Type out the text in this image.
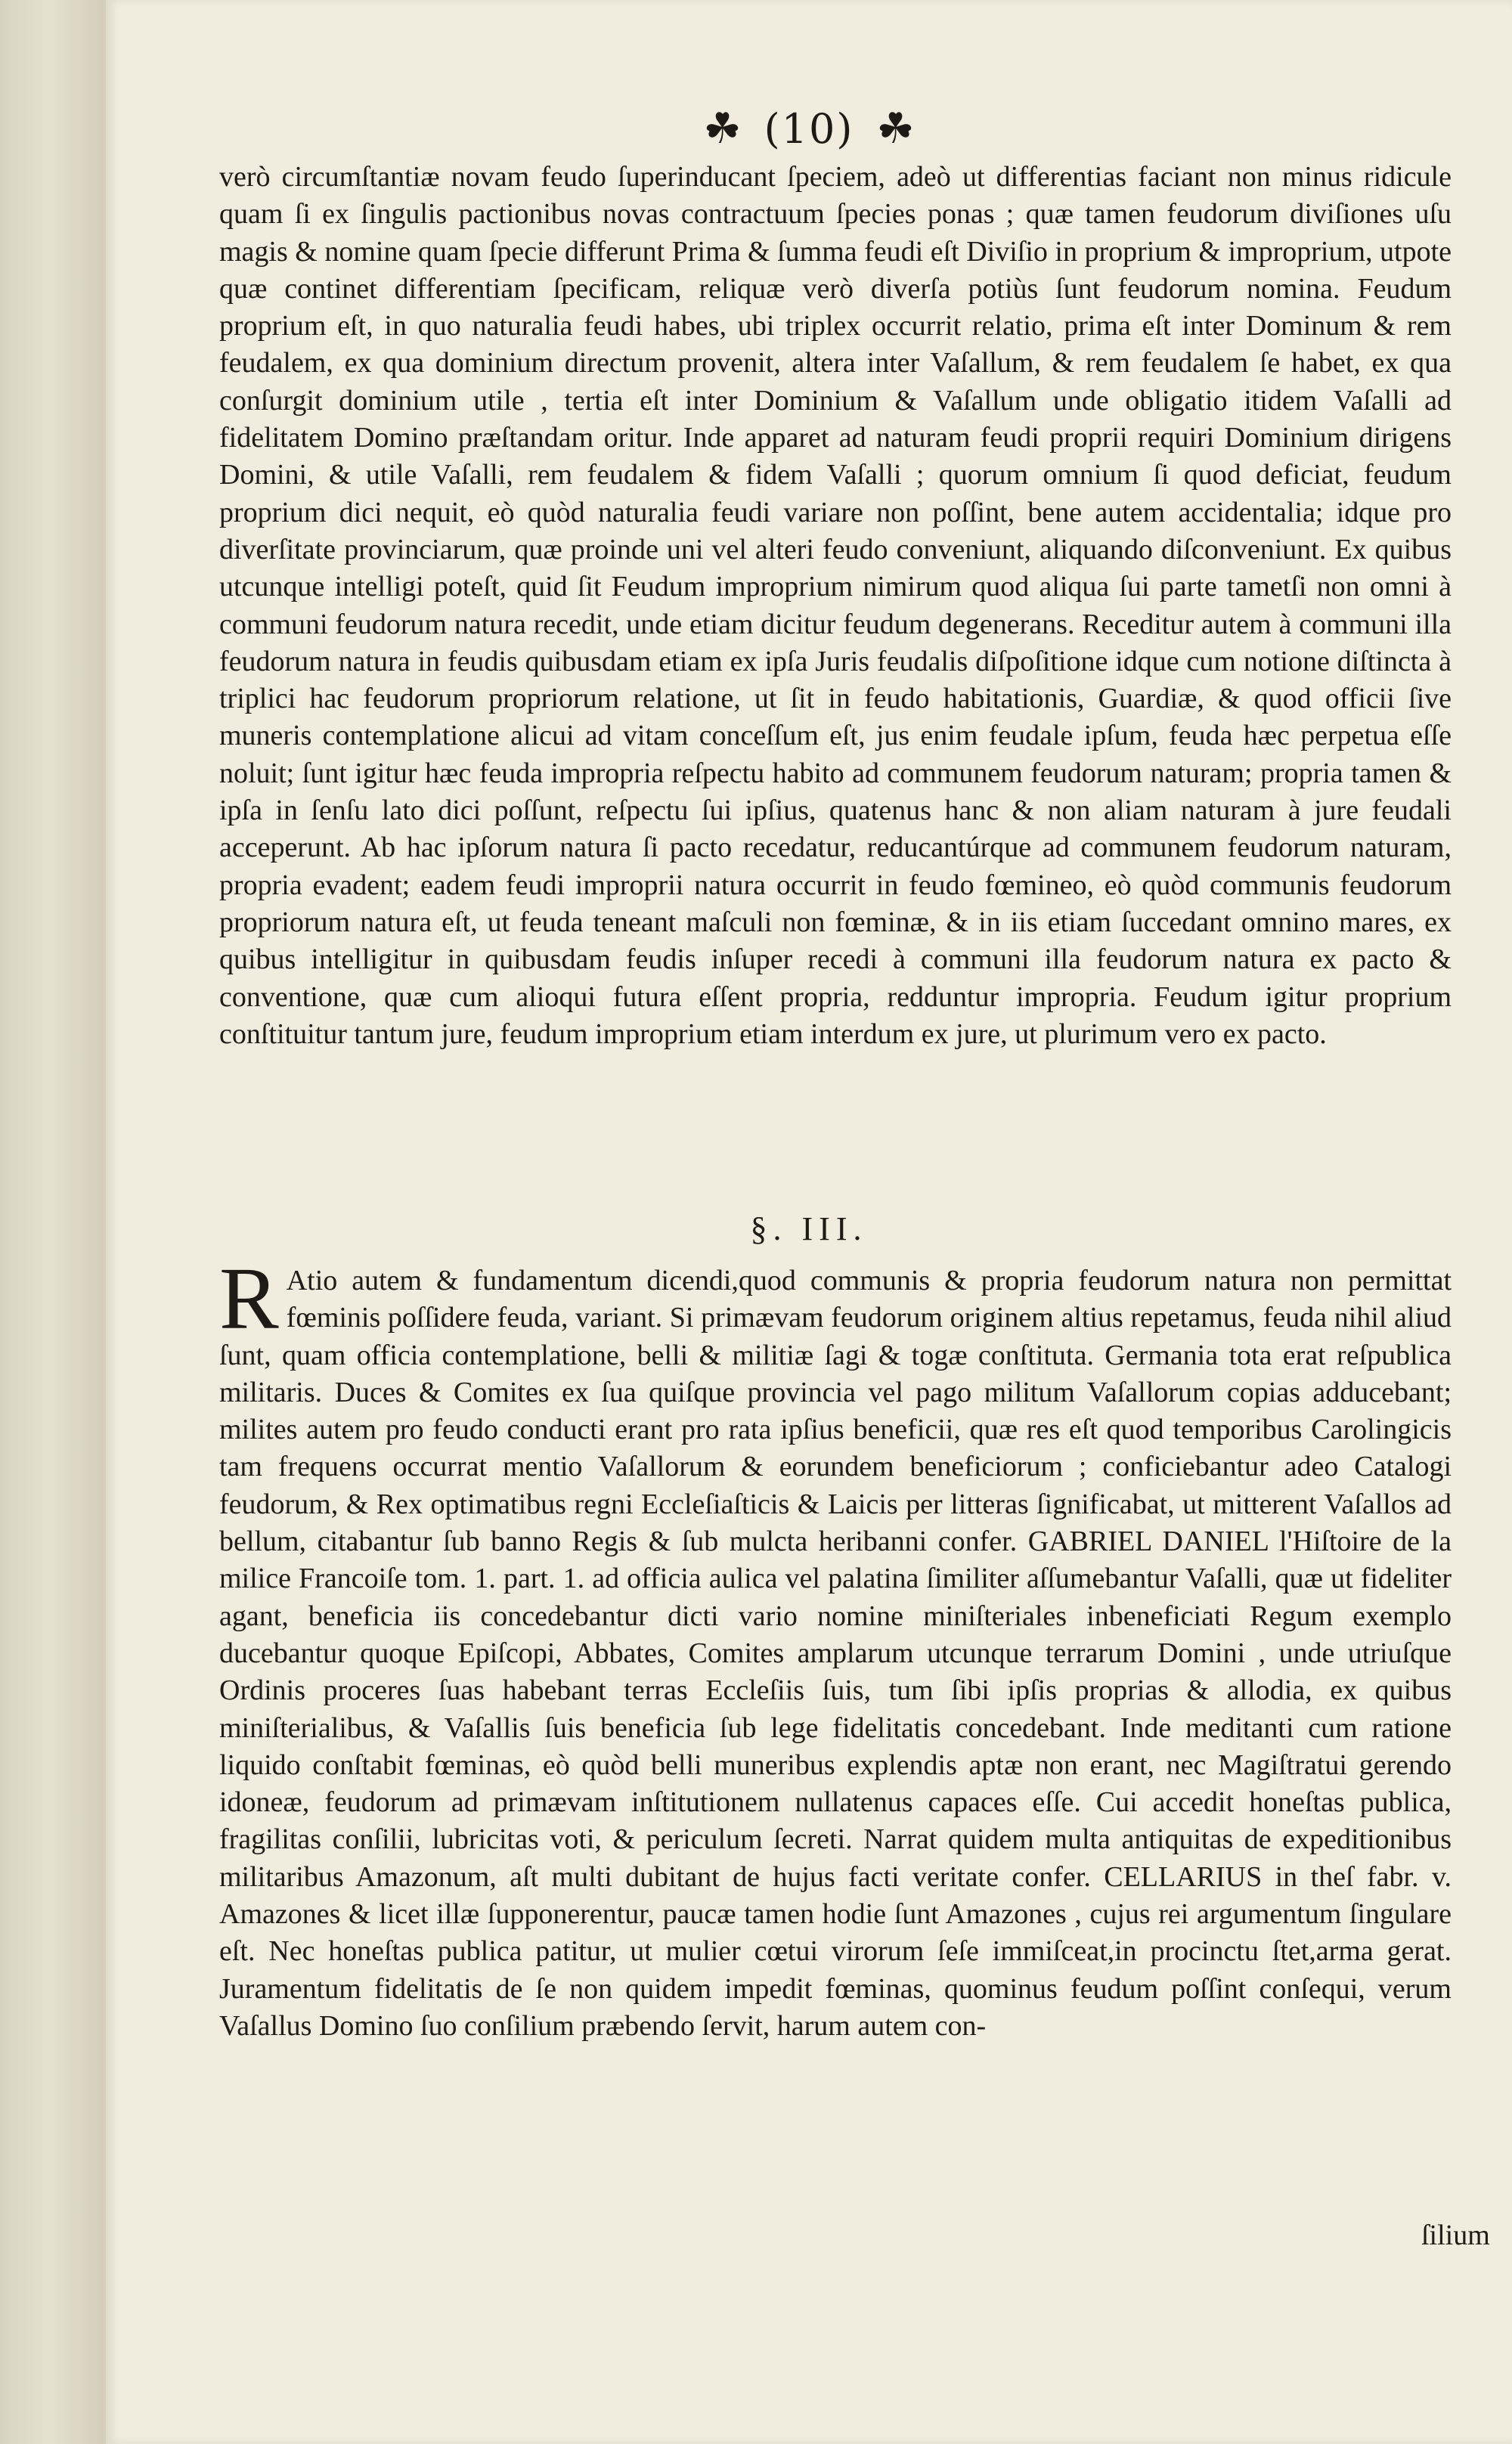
☘ (10) ☘
verò circumſtantiæ novam feudo ſuperinducant ſpeciem, adeò ut differentias faciant non minus ridicule quam ſi ex ſingulis pactionibus novas contractuum ſpecies ponas ; quæ tamen feudorum diviſiones uſu magis & nomine quam ſpecie differunt Prima & ſumma feudi eſt Diviſio in proprium & improprium, utpote quæ continet differentiam ſpecificam, reliquæ verò diverſa potiùs ſunt feudorum nomina. Feudum proprium eſt, in quo naturalia feudi habes, ubi triplex occurrit relatio, prima eſt inter Dominum & rem feudalem, ex qua dominium directum provenit, altera inter Vaſallum, & rem feudalem ſe habet, ex qua conſurgit dominium utile , tertia eſt inter Dominium & Vaſallum unde obligatio itidem Vaſalli ad fidelitatem Domino præſtandam oritur. Inde apparet ad naturam feudi proprii requiri Dominium dirigens Domini, & utile Vaſalli, rem feudalem & fidem Vaſalli ; quorum omnium ſi quod deficiat, feudum proprium dici nequit, eò quòd naturalia feudi variare non poſſint, bene autem accidentalia; idque pro diverſitate provinciarum, quæ proinde uni vel alteri feudo conveniunt, aliquando diſconveniunt. Ex quibus utcunque intelligi poteſt, quid ſit Feudum improprium nimirum quod aliqua ſui parte tametſi non omni à communi feudorum natura recedit, unde etiam dicitur feudum degenerans. Receditur autem à communi illa feudorum natura in feudis quibusdam etiam ex ipſa Juris feudalis diſpoſitione idque cum notione diſtincta à triplici hac feudorum propriorum relatione, ut ſit in feudo habitationis, Guardiæ, & quod officii ſive muneris contemplatione alicui ad vitam conceſſum eſt, jus enim feudale ipſum, feuda hæc perpetua eſſe noluit; ſunt igitur hæc feuda impropria reſpectu habito ad communem feudorum naturam; propria tamen & ipſa in ſenſu lato dici poſſunt, reſpectu ſui ipſius, quatenus hanc & non aliam naturam à jure feudali acceperunt. Ab hac ipſorum natura ſi pacto recedatur, reducantúrque ad communem feudorum naturam, propria evadent; eadem feudi improprii natura occurrit in feudo fœmineo, eò quòd communis feudorum propriorum natura eſt, ut feuda teneant maſculi non fœminæ, & in iis etiam ſuccedant omnino mares, ex quibus intelligitur in quibusdam feudis inſuper recedi à communi illa feudorum natura ex pacto & conventione, quæ cum alioqui futura eſſent propria, redduntur impropria. Feudum igitur proprium conſtituitur tantum jure, feudum improprium etiam interdum ex jure, ut plurimum vero ex pacto.
§. III.
R Atio autem & fundamentum dicendi,quod communis & propria feudorum natura non permittat fœminis poſſidere feuda, variant. Si primævam feudorum originem altius repetamus, feuda nihil aliud ſunt, quam officia contemplatione, belli & militiæ ſagi & togæ conſtituta. Germania tota erat reſpublica militaris. Duces & Comites ex ſua quiſque provincia vel pago militum Vaſallorum copias adducebant; milites autem pro feudo conducti erant pro rata ipſius beneficii, quæ res eſt quod temporibus Carolingicis tam frequens occurrat mentio Vaſallorum & eorundem beneficiorum ; conficiebantur adeo Catalogi feudorum, & Rex optimatibus regni Eccleſiaſticis & Laicis per litteras ſignificabat, ut mitterent Vaſallos ad bellum, citabantur ſub banno Regis & ſub mulcta heribanni confer. GABRIEL DANIEL l'Hiſtoire de la milice Francoiſe tom. 1. part. 1. ad officia aulica vel palatina ſimiliter aſſumebantur Vaſalli, quæ ut fideliter agant, beneficia iis concedebantur dicti vario nomine miniſteriales inbeneficiati Regum exemplo ducebantur quoque Epiſcopi, Abbates, Comites amplarum utcunque terrarum Domini , unde utriuſque Ordinis proceres ſuas habebant terras Eccleſiis ſuis, tum ſibi ipſis proprias & allodia, ex quibus miniſterialibus, & Vaſallis ſuis beneficia ſub lege fidelitatis concedebant. Inde meditanti cum ratione liquido conſtabit fœminas, eò quòd belli muneribus explendis aptæ non erant, nec Magiſtratui gerendo idoneæ, feudorum ad primævam inſtitutionem nullatenus capaces eſſe. Cui accedit honeſtas publica, fragilitas conſilii, lubricitas voti, & periculum ſecreti. Narrat quidem multa antiquitas de expeditionibus militaribus Amazonum, aſt multi dubitant de hujus facti veritate confer. CELLARIUS in theſ fabr. v. Amazones & licet illæ ſupponerentur, paucæ tamen hodie ſunt Amazones , cujus rei argumentum ſingulare eſt. Nec honeſtas publica patitur, ut mulier cœtui virorum ſeſe immiſceat,in procinctu ſtet,arma gerat. Juramentum fidelitatis de ſe non quidem impedit fœminas, quominus feudum poſſint conſequi, verum Vaſallus Domino ſuo conſilium præbendo ſervit, harum autem con-
ſilium
